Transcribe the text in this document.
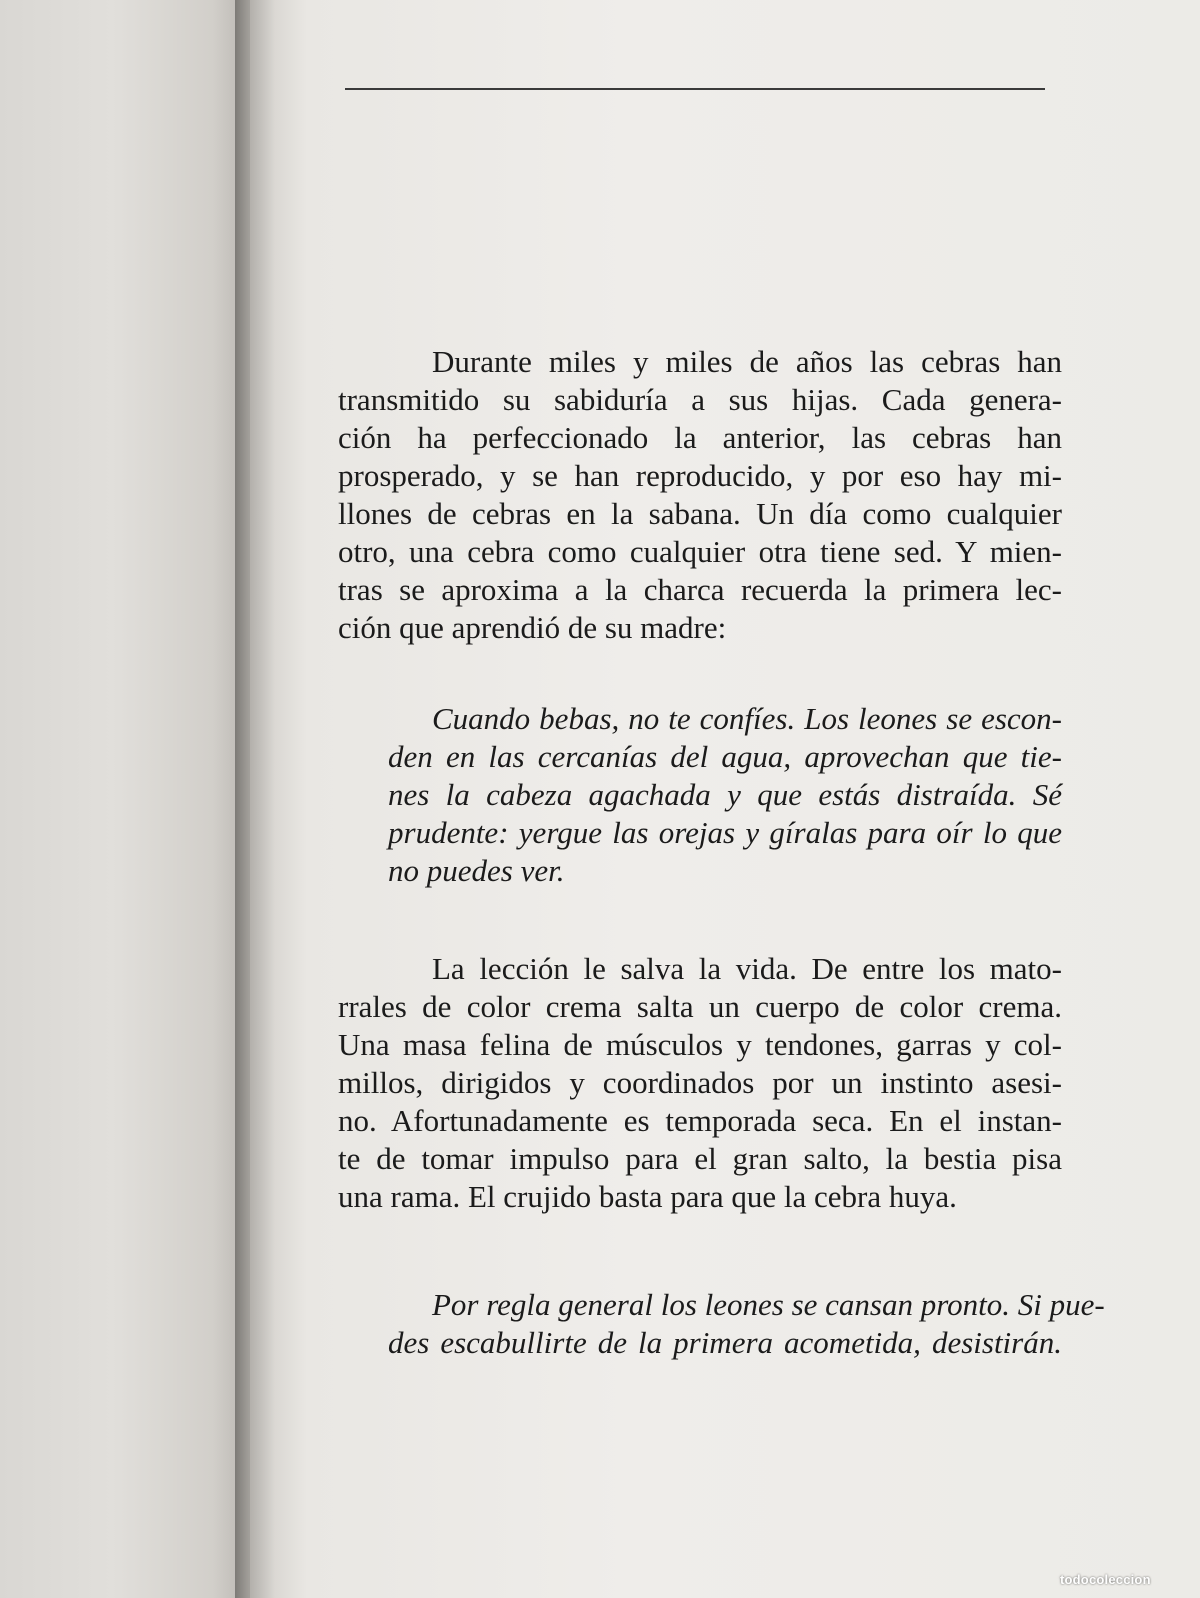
Durante miles y miles de años las cebras han
transmitido su sabiduría a sus hijas. Cada genera-
ción ha perfeccionado la anterior, las cebras han
prosperado, y se han reproducido, y por eso hay mi-
llones de cebras en la sabana. Un día como cualquier
otro, una cebra como cualquier otra tiene sed. Y mien-
tras se aproxima a la charca recuerda la primera lec-
ción que aprendió de su madre:
Cuando bebas, no te confíes. Los leones se escon-
den en las cercanías del agua, aprovechan que tie-
nes la cabeza agachada y que estás distraída. Sé
prudente: yergue las orejas y gíralas para oír lo que
no puedes ver.
La lección le salva la vida. De entre los mato-
rrales de color crema salta un cuerpo de color crema.
Una masa felina de músculos y tendones, garras y col-
millos, dirigidos y coordinados por un instinto asesi-
no. Afortunadamente es temporada seca. En el instan-
te de tomar impulso para el gran salto, la bestia pisa
una rama. El crujido basta para que la cebra huya.
Por regla general los leones se cansan pronto. Si pue-
des escabullirte de la primera acometida, desistirán.
todocoleccion
